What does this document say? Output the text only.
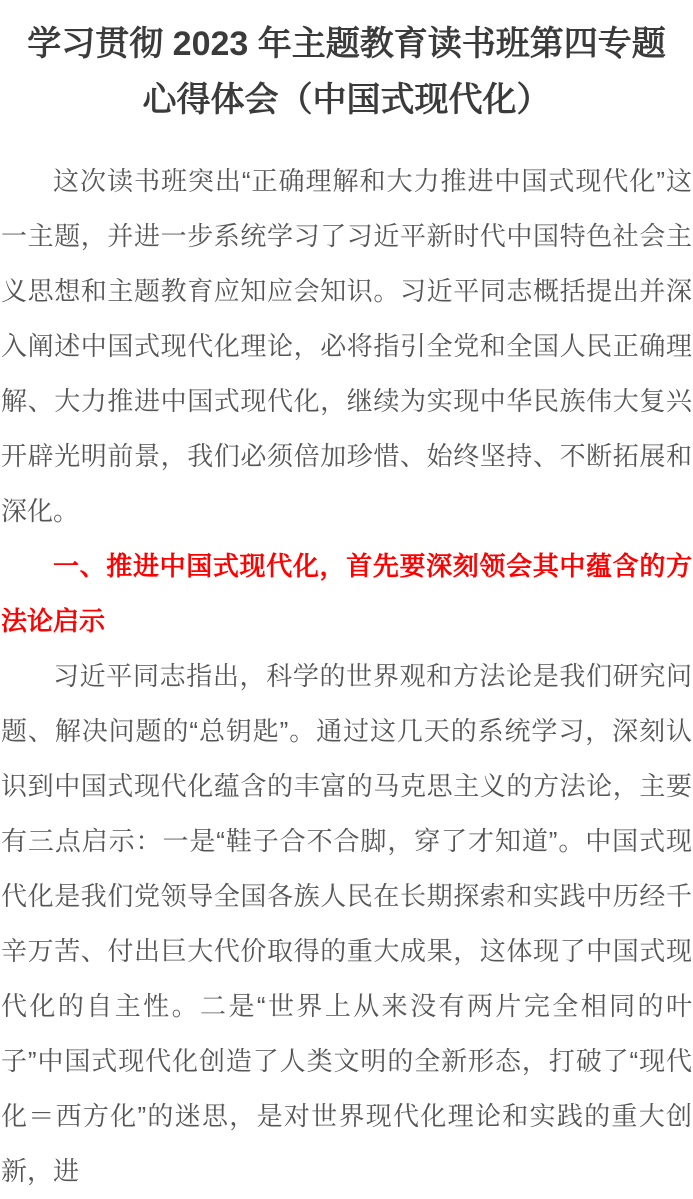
学习贯彻 2023 年主题教育读书班第四专题
心得体会（中国式现代化）

这次读书班突出“正确理解和大力推进中国式现代化”这一主题，并进一步系统学习了习近平新时代中国特色社会主义思想和主题教育应知应会知识。习近平同志概括提出并深入阐述中国式现代化理论，必将指引全党和全国人民正确理解、大力推进中国式现代化，继续为实现中华民族伟大复兴开辟光明前景，我们必须倍加珍惜、始终坚持、不断拓展和深化。

一、推进中国式现代化，首先要深刻领会其中蕴含的方法论启示

习近平同志指出，科学的世界观和方法论是我们研究问题、解决问题的“总钥匙”。通过这几天的系统学习，深刻认识到中国式现代化蕴含的丰富的马克思主义的方法论，主要有三点启示：一是“鞋子合不合脚，穿了才知道”。中国式现代化是我们党领导全国各族人民在长期探索和实践中历经千辛万苦、付出巨大代价取得的重大成果，这体现了中国式现代化的自主性。二是“世界上从来没有两片完全相同的叶子”中国式现代化创造了人类文明的全新形态，打破了“现代化＝西方化”的迷思，是对世界现代化理论和实践的重大创新，进
